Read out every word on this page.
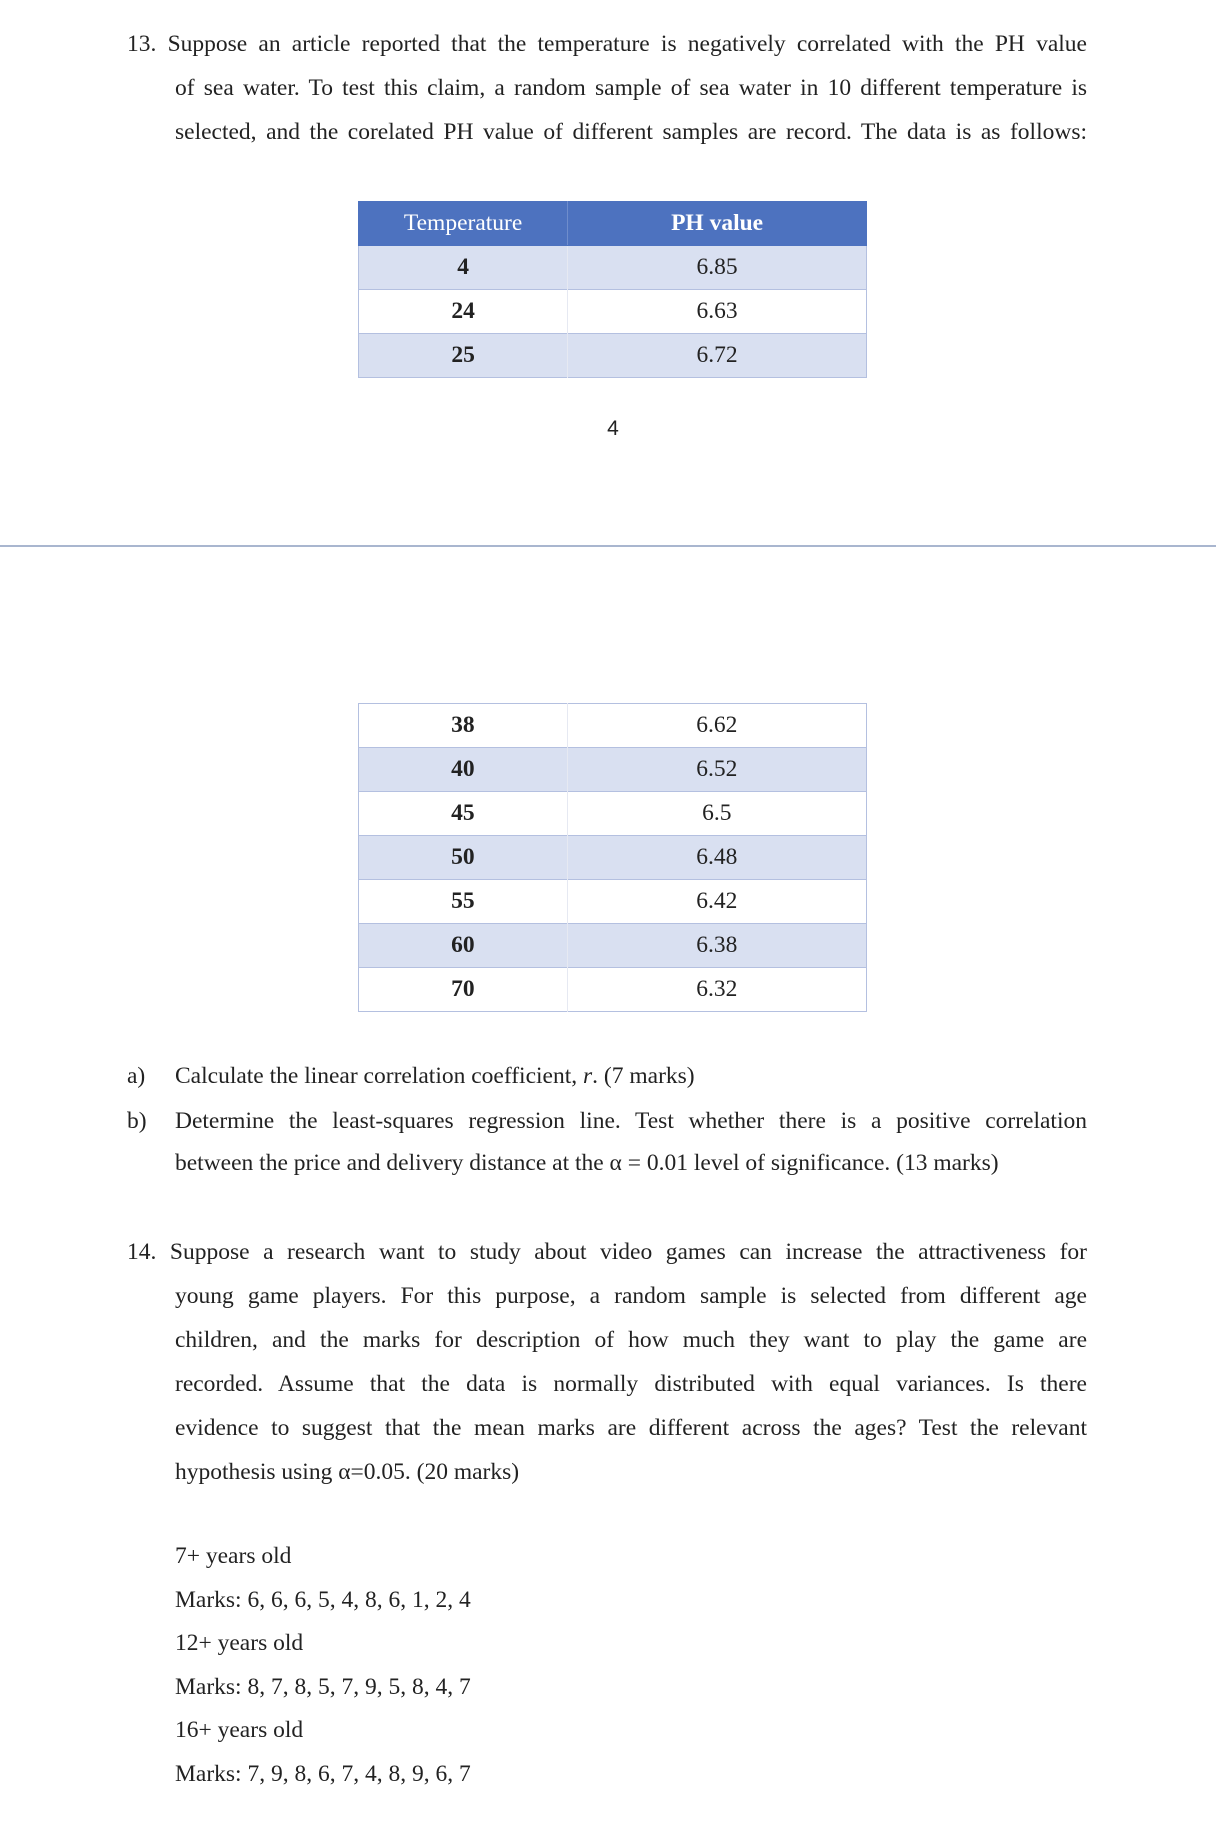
13. Suppose an article reported that the temperature is negatively correlated with the PH value
of sea water. To test this claim, a random sample of sea water in 10 different temperature is
selected, and the corelated PH value of different samples are record. The data is as follows:
Temperature	PH value
4	6.85
24	6.63
25	6.72
4
38	6.62
40	6.52
45	6.5
50	6.48
55	6.42
60	6.38
70	6.32
a) Calculate the linear correlation coefficient, r. (7 marks)
b)	Determine the least-squares regression line. Test whether there is a positive correlation
between the price and delivery distance at the α = 0.01 level of significance. (13 marks)
14. Suppose a research want to study about video games can increase the attractiveness for
young game players. For this purpose, a random sample is selected from different age
children, and the marks for description of how much they want to play the game are
recorded. Assume that the data is normally distributed with equal variances. Is there
evidence to suggest that the mean marks are different across the ages? Test the relevant
hypothesis using α=0.05. (20 marks)
7+ years old
Marks: 6, 6, 6, 5, 4, 8, 6, 1, 2, 4
12+ years old
Marks: 8, 7, 8, 5, 7, 9, 5, 8, 4, 7
16+ years old
Marks: 7, 9, 8, 6, 7, 4, 8, 9, 6, 7
